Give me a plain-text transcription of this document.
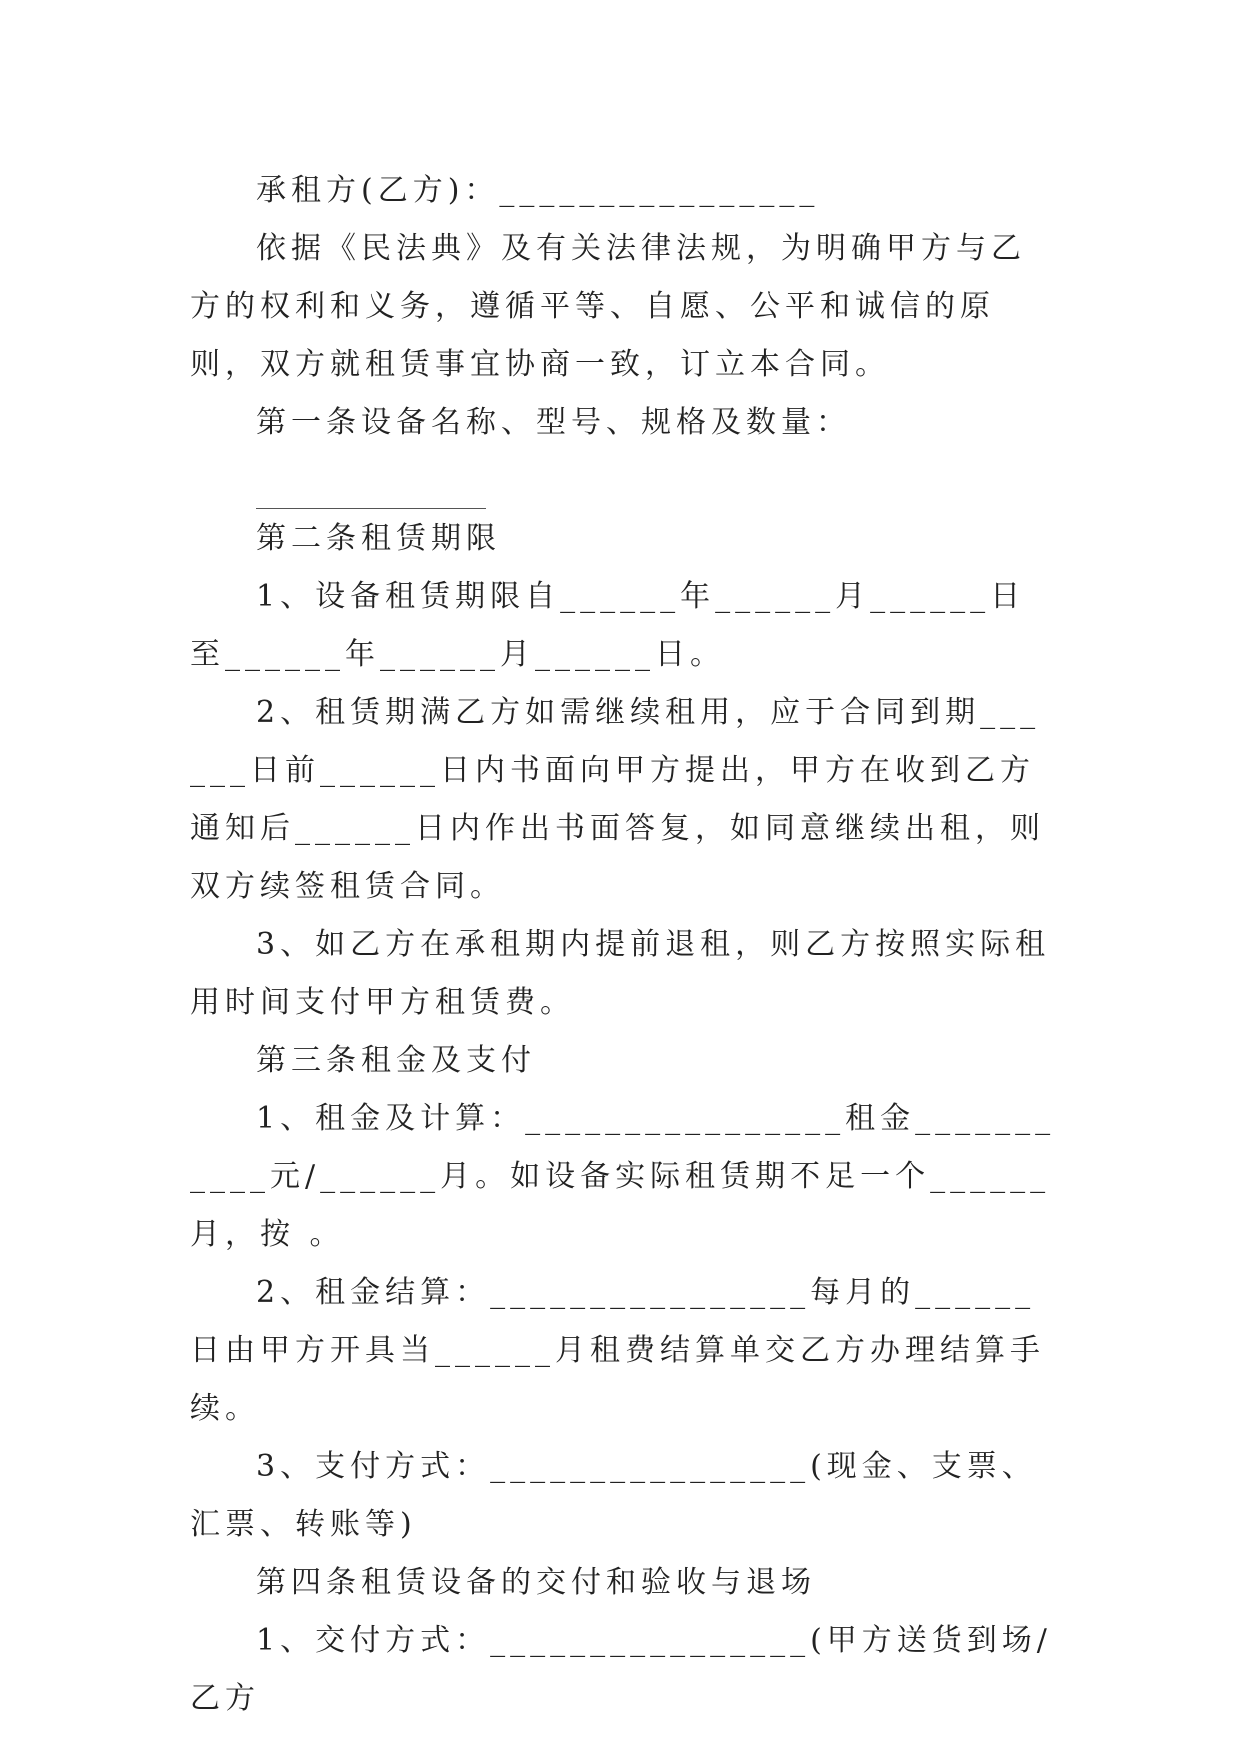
承租方(乙方)：________________

依据《民法典》及有关法律法规，为明确甲方与乙方的权利和义务，遵循平等、自愿、公平和诚信的原则，双方就租赁事宜协商一致，订立本合同。

第一条设备名称、型号、规格及数量：

第二条租赁期限

1、设备租赁期限自______年______月______日至______年______月______日。

2、租赁期满乙方如需继续租用，应于合同到期______日前______日内书面向甲方提出，甲方在收到乙方通知后______日内作出书面答复，如同意继续出租，则双方续签租赁合同。

3、如乙方在承租期内提前退租，则乙方按照实际租用时间支付甲方租赁费。

第三条租金及支付

1、租金及计算：________________租金___________元/______月。如设备实际租赁期不足一个______月，按 。

2、租金结算：________________每月的______日由甲方开具当______月租费结算单交乙方办理结算手续。

3、支付方式：________________(现金、支票、汇票、转账等)

第四条租赁设备的交付和验收与退场

1、交付方式：________________(甲方送货到场/乙方
